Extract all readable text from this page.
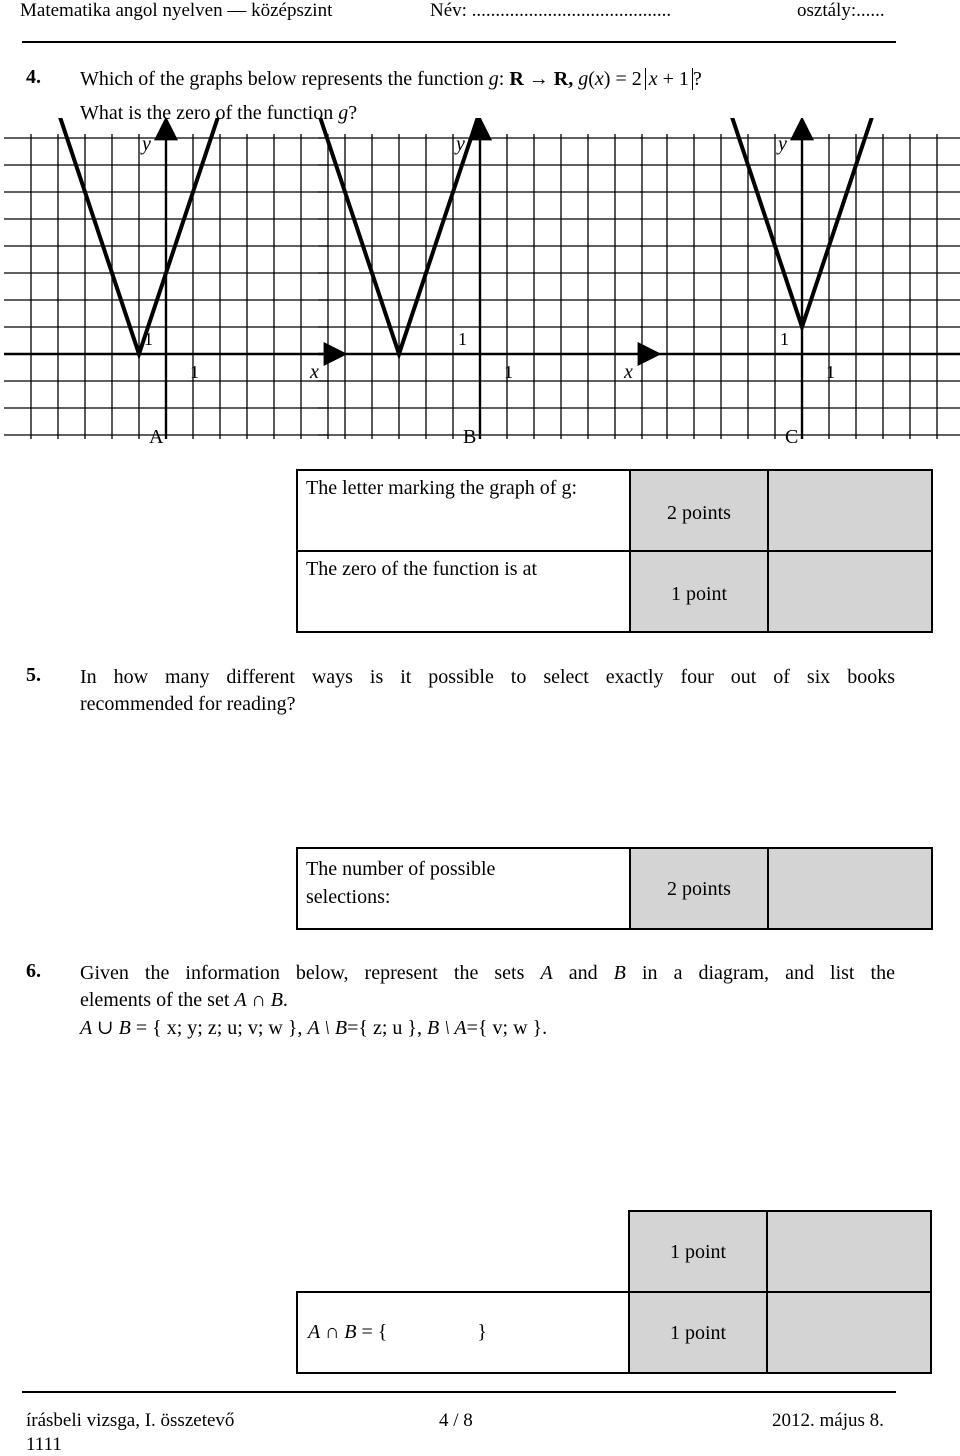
Matematika angol nyelven — középszint	Név: ..........................................	osztály:......
4. Which of the graphs below represents the function g: R → R, g(x) = 2 x + 1 ?
What is the zero of the function g?
y
x
1
1
A
y
x
1
1
B
y
1
1
C
The letter marking the graph of g:	2 points	
The zero of the function is at	1 point	
5. In how many different ways is it possible to select exactly four out of six books
recommended for reading?
The number of possible
selections:	2 points	
6. Given the information below, represent the sets A and B in a diagram, and list the
elements of the set A ∩ B.
A ∪ B = { x; y; z; u; v; w }, A \ B={ z; u }, B \ A={ v; w }.
	1 point	
A ∩ B = { }	1 point	
írásbeli vizsga, I. összetevő	4 / 8	2012. május 8.
1111
